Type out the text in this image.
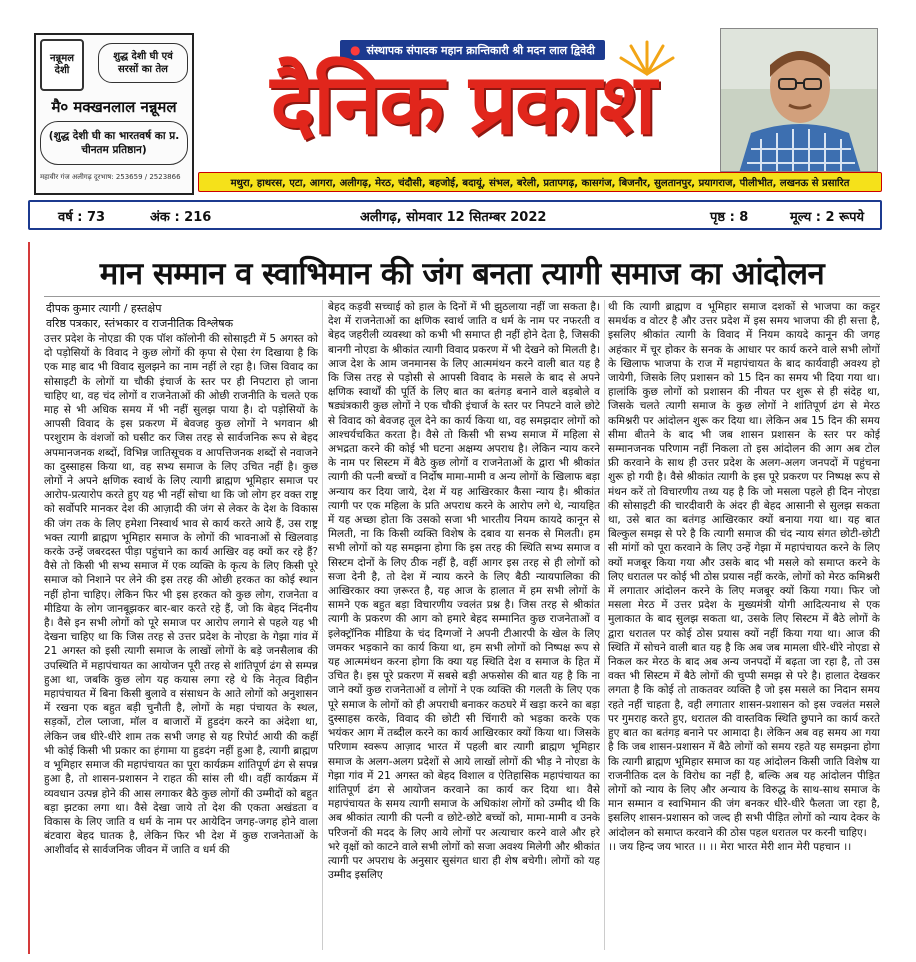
नन्नूमल
देशी
शुद्ध देशी घी एवं
सरसों का तेल
मै० मक्खनलाल नन्नूमल
(शुद्ध देशी घी का भारतवर्ष का प्र.
चीनतम प्रतिष्ठान)
महावीर गंज अलीगढ़ दूरभाष: 253659 / 2523866
● संस्थापक संपादक महान क्रान्तिकारी श्री मदन लाल द्विवेदी
दैनिक प्रकाश
मथुरा, हाथरस, एटा, आगरा, अलीगढ़, मेरठ, चंदौसी, बहजोई, बदायूं, संभल, बरेली, प्रतापगढ़, कासगंज, बिजनौर, सुलतानपुर, प्रयागराज, पीलीभीत, लखनऊ से प्रसारित
वर्ष : 73	अंक : 216	अलीगढ़, सोमवार 12 सितम्बर 2022	पृष्ठ : 8	मूल्य : 2 रूपये
मान सम्मान व स्वाभिमान की जंग बनता त्यागी समाज का आंदोलन
दीपक कुमार त्यागी / हस्तक्षेप
वरिष्ठ पत्रकार, स्तंभकार व राजनीतिक विश्लेषक

उत्तर प्रदेश के नोएडा की एक पॉश कॉलोनी की सोसाइटी में 5 अगस्त को दो पड़ोसियों के विवाद ने कुछ लोगों की कृपा से ऐसा रंग दिखाया है कि एक माह बाद भी विवाद सुलझने का नाम नहीं ले रहा है। जिस विवाद का सोसाइटी के लोगों या चौकी इंचार्ज के स्तर पर ही निपटारा हो जाना चाहिए था, वह चंद लोगों व राजनेताओं की ओछी राजनीति के चलते एक माह से भी अधिक समय में भी नहीं सुलझ पाया है। दो पड़ोसियों के आपसी विवाद के इस प्रकरण में बेवजह कुछ लोगों ने भगवान श्री परशुराम के वंशजों को घसीट कर जिस तरह से सार्वजनिक रूप से बेहद अपमानजनक शब्दों, विभिन्न जातिसूचक व आपत्तिजनक शब्दों से नवाजने का दुस्साहस किया था, वह सभ्य समाज के लिए उचित नहीं है। कुछ लोगों ने अपने क्षणिक स्वार्थ के लिए त्यागी ब्राह्मण भूमिहार समाज पर आरोप-प्रत्यारोप करते हुए यह भी नहीं सोचा था कि जो लोग हर वक्त राष्ट्र को सर्वोपरि मानकर देश की आज़ादी की जंग से लेकर के देश के विकास की जंग तक के लिए हमेशा निस्वार्थ भाव से कार्य करते आये हैं, उस राष्ट्र भक्त त्यागी ब्राह्मण भूमिहार समाज के लोगों की भावनाओं से खिलवाड़ करके उन्हें जबरदस्त पीड़ा पहुंचाने का कार्य आखिर वह क्यों कर रहे हैं? वैसे तो किसी भी सभ्य समाज में एक व्यक्ति के कृत्य के लिए किसी पूरे समाज को निशाने पर लेने की इस तरह की ओछी हरकत का कोई स्थान नहीं होना चाहिए। लेकिन फिर भी इस हरकत को कुछ लोग, राजनेता व मीडिया के लोग जानबूझकर बार-बार करते रहे हैं, जो कि बेहद निंदनीय है। वैसे इन सभी लोगों को पूरे समाज पर आरोप लगाने से पहले यह भी देखना चाहिए था कि जिस तरह से उत्तर प्रदेश के नोएडा के गेझा गांव में 21 अगस्त को इसी त्यागी समाज के लाखों लोगों के बड़े जनसैलाब की उपस्थिति में महापंचायत का आयोजन पूरी तरह से शांतिपूर्ण ढंग से सम्पन्न हुआ था, जबकि कुछ लोग यह कयास लगा रहे थे कि नेतृत्व विहीन महापंचायत में बिना किसी बुलावे व संसाधन के आते लोगों को अनुशासन में रखना एक बहुत बड़ी चुनौती है, लोगों के महा पंचायत के स्थल, सड़कों, टोल प्लाजा, मॉल व बाजारों में हुडदंग करने का अंदेशा था, लेकिन जब धीरे-धीरे शाम तक सभी जगह से यह रिपोर्ट आयी की कहीं भी कोई किसी भी प्रकार का हंगामा या हुडदंग नहीं हुआ है, त्यागी ब्राह्मण व भूमिहार समाज की महापंचायत का पूरा कार्यक्रम शांतिपूर्ण ढंग से सपन्न हुआ है, तो शासन-प्रशासन ने राहत की सांस ली थी। वहीं कार्यक्रम में व्यवधान उत्पन्न होने की आस लगाकर बैठे कुछ लोगों की उम्मीदों को बहुत बड़ा झटका लगा था। वैसे देखा जाये तो देश की एकता अखंडता व विकास के लिए जाति व धर्म के नाम पर आयेदिन जगह-जगह होने वाला बंटवारा बेहद घातक है, लेकिन फिर भी देश में कुछ राजनेताओं के आशीर्वाद से सार्वजनिक जीवन में जाति व धर्म की

बेहद कड़वी सच्चाई को हाल के दिनों में भी झुठलाया नहीं जा सकता है। देश में राजनेताओं का क्षणिक स्वार्थ जाति व धर्म के नाम पर नफरती व बेहद जहरीली व्यवस्था को कभी भी समाप्त ही नहीं होने देता है, जिसकी बानगी नोएडा के श्रीकांत त्यागी विवाद प्रकरण में भी देखने को मिलती है। आज देश के आम जनमानस के लिए आत्ममंथन करने वाली बात यह है कि जिस तरह से पड़ोसी से आपसी विवाद के मसले के बाद से अपने क्षणिक स्वार्थों की पूर्ति के लिए बात का बतंगड़ बनाने वाले बड़बोले व षड्यंत्रकारी कुछ लोगों ने एक चौकी इंचार्ज के स्तर पर निपटने वाले छोटे से विवाद को बेवजह तूल देने का कार्य किया था, वह समझदार लोगों को आश्चर्यचकित करता है। वैसे तो किसी भी सभ्य समाज में महिला से अभद्रता करने की कोई भी घटना अक्षम्य अपराध है। लेकिन न्याय करने के नाम पर सिस्टम में बैठे कुछ लोगों व राजनेताओं के द्वारा भी श्रीकांत त्यागी की पत्नी बच्चों व निर्दोष मामा-मामी व अन्य लोगों के खिलाफ बड़ा अन्याय कर दिया जाये, देश में यह आखिरकार कैसा न्याय है। श्रीकांत त्यागी पर एक महिला के प्रति अपराध करने के आरोप लगे थे, न्यायहित में यह अच्छा होता कि उसको सजा भी भारतीय नियम कायदे कानून से मिलती, ना कि किसी व्यक्ति विशेष के दबाव या सनक से मिलती। हम सभी लोगों को यह समझना होगा कि इस तरह की स्थिति सभ्य समाज व सिस्टम दोनों के लिए ठीक नहीं है, वहीं आगर इस तरह से ही लोगों को सजा देनी है, तो देश में न्याय करने के लिए बैठी न्यायपालिका की आखिरकार क्या ज़रूरत है, यह आज के हालात में हम सभी लोगों के सामने एक बहुत बड़ा विचारणीय ज्वलंत प्रश्न है। जिस तरह से श्रीकांत त्यागी के प्रकरण की आग को हमारे बेहद सम्मानित कुछ राजनेताओं व इलेक्ट्रॉनिक मीडिया के चंद दिग्गजों ने अपनी टीआरपी के खेल के लिए जमकर भड़काने का कार्य किया था, हम सभी लोगों को निष्पक्ष रूप से यह आत्ममंथन करना होगा कि क्या यह स्थिति देश व समाज के हित में उचित है। इस पूरे प्रकरण में सबसे बड़ी अफसोस की बात यह है कि ना जाने क्यों कुछ राजनेताओं व लोगों ने एक व्यक्ति की गलती के लिए एक पूरे समाज के लोगों को ही अपराधी बनाकर कठघरे में खड़ा करने का बड़ा दुस्साहस करके, विवाद की छोटी सी चिंगारी को भड़का करके एक भयंकर आग में तब्दील करने का कार्य आखिरकार क्यों किया था। जिसके परिणाम स्वरूप आज़ाद भारत में पहली बार त्यागी ब्राह्मण भूमिहार समाज के अलग-अलग प्रदेशों से आये लाखों लोगों की भीड़ ने नोएडा के गेझा गांव में 21 अगस्त को बेहद विशाल व ऐतिहासिक महापंचायत का शांतिपूर्ण ढंग से आयोजन करवाने का कार्य कर दिया था। वैसे महापंचायत के समय त्यागी समाज के अधिकांश लोगों को उम्मीद थी कि अब श्रीकांत त्यागी की पत्नी व छोटे-छोटे बच्चों को, मामा-मामी व उनके परिजनों की मदद के लिए आये लोगों पर अत्याचार करने वाले और हरे भरे वृक्षों को काटने वाले सभी लोगों को सजा अवश्य मिलेगी और श्रीकांत त्यागी पर अपराध के अनुसार सुसंगत धारा ही शेष बचेगी। लोगों को यह उम्मीद इसलिए

थी कि त्यागी ब्राह्मण व भूमिहार समाज दशकों से भाजपा का कट्टर समर्थक व वोटर है और उत्तर प्रदेश में इस समय भाजपा की ही सत्ता है, इसलिए श्रीकांत त्यागी के विवाद में नियम कायदे कानून की जगह अहंकार में चूर होकर के सनक के आधार पर कार्य करने वाले सभी लोगों के खिलाफ भाजपा के राज में महापंचायत के बाद कार्यवाही अवश्य हो जायेगी, जिसके लिए प्रशासन को 15 दिन का समय भी दिया गया था। हालांकि कुछ लोगों को प्रशासन की नीयत पर शुरू से ही संदेह था, जिसके चलते त्यागी समाज के कुछ लोगों ने शांतिपूर्ण ढंग से मेरठ कमिश्नरी पर आंदोलन शुरू कर दिया था। लेकिन अब 15 दिन की समय सीमा बीतने के बाद भी जब शासन प्रशासन के स्तर पर कोई सम्मानजनक परिणाम नहीं निकला तो इस आंदोलन की आग अब टोल फ्री करवाने के साथ ही उत्तर प्रदेश के अलग-अलग जनपदों में पहुंचना शुरू हो गयी है। वैसे श्रीकांत त्यागी के इस पूरे प्रकरण पर निष्पक्ष रूप से मंथन करें तो विचारणीय तथ्य यह है कि जो मसला पहले ही दिन नोएडा की सोसाइटी की चारदीवारी के अंदर ही बेहद आसानी से सुलझ सकता था, उसे बात का बतंगड़ आखिरकार क्यों बनाया गया था। यह बात बिल्कुल समझ से परे है कि त्यागी समाज की चंद न्याय संगत छोटी-छोटी सी मांगों को पूरा करवाने के लिए उन्हें गेझा में महापंचायत करने के लिए क्यों मजबूर किया गया और उसके बाद भी मसले को समाप्त करने के लिए धरातल पर कोई भी ठोस प्रयास नहीं करके, लोगों को मेरठ कमिश्नरी में लगातार आंदोलन करने के लिए मजबूर क्यों किया गया। फिर जो मसला मेरठ में उत्तर प्रदेश के मुख्यमंत्री योगी आदित्यनाथ से एक मुलाकात के बाद सुलझ सकता था, उसके लिए सिस्टम में बैठे लोगों के द्वारा धरातल पर कोई ठोस प्रयास क्यों नहीं किया गया था। आज की स्थिति में सोचने वाली बात यह है कि अब जब मामला धीरे-धीरे नोएडा से निकल कर मेरठ के बाद अब अन्य जनपदों में बढ़ता जा रहा है, तो उस वक्त भी सिस्टम में बैठे लोगों की चुप्पी समझ से परे है। हालात देखकर लगता है कि कोई तो ताकतवर व्यक्ति है जो इस मसले का निदान समय रहते नहीं चाहता है, वही लगातार शासन-प्रशासन को इस ज्वलंत मसले पर गुमराह करते हुए, धरातल की वास्तविक स्थिति छुपाने का कार्य करते हुए बात का बतंगड़ बनाने पर आमादा है। लेकिन अब वह समय आ गया है कि जब शासन-प्रशासन में बैठे लोगों को समय रहते यह समझना होगा कि त्यागी ब्राह्मण भूमिहार समाज का यह आंदोलन किसी जाति विशेष या राजनीतिक दल के विरोध का नहीं है, बल्कि अब यह आंदोलन पीड़ित लोगों को न्याय के लिए और अन्याय के विरुद्ध के साथ-साथ समाज के मान सम्मान व स्वाभिमान की जंग बनकर धीरे-धीरे फैलता जा रहा है, इसलिए शासन-प्रशासन को जल्द ही सभी पीड़ित लोगों को न्याय देकर के आंदोलन को समाप्त करवाने की ठोस पहल धरातल पर करनी चाहिए।

।। जय हिन्द जय भारत ।। ।। मेरा भारत मेरी शान मेरी पहचान ।।
